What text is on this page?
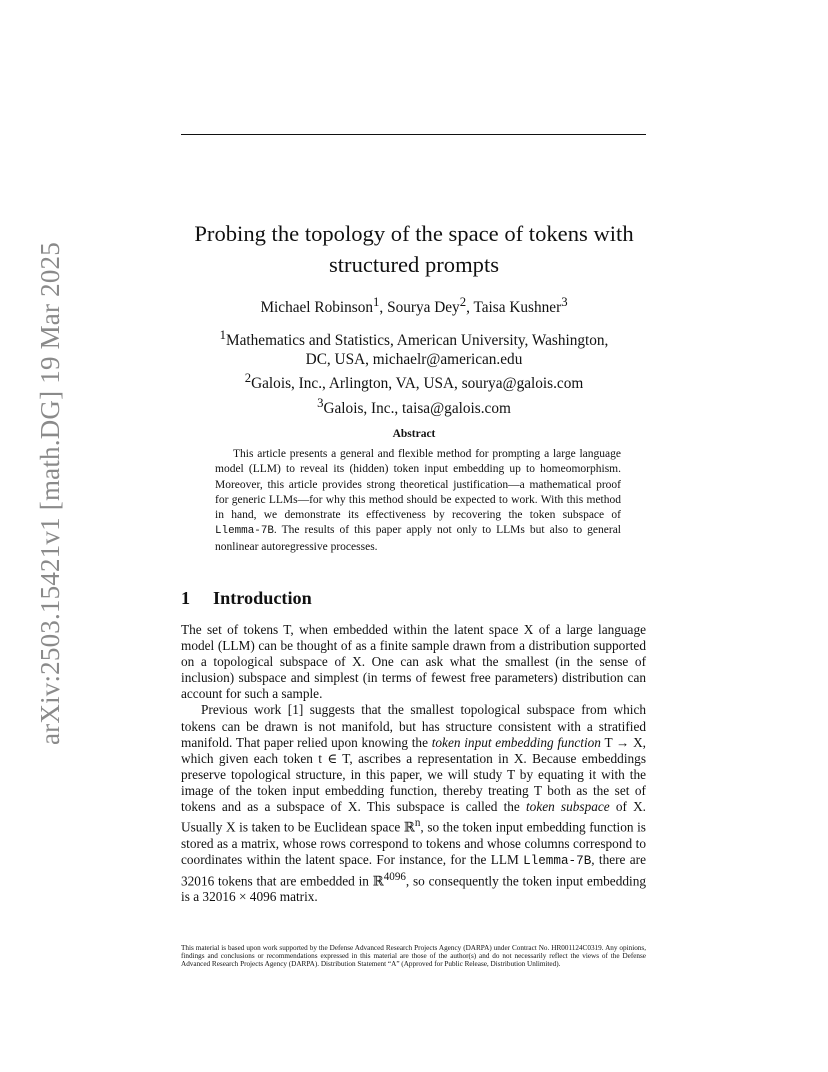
arXiv:2503.15421v1 [math.DG] 19 Mar 2025
Probing the topology of the space of tokens with
structured prompts
Michael Robinson$^1$, Sourya Dey$^2$, Taisa Kushner$^3$
$^1$Mathematics and Statistics, American University, Washington,
DC, USA, michaelr@american.edu
$^2$Galois, Inc., Arlington, VA, USA, sourya@galois.com
$^3$Galois, Inc., taisa@galois.com
Abstract
This article presents a general and flexible method for prompting a large language model (LLM) to reveal its (hidden) token input embedding up to homeomorphism. Moreover, this article provides strong theoretical justification—a mathematical proof for generic LLMs—for why this method should be expected to work. With this method in hand, we demonstrate its effectiveness by recovering the token subspace of Llemma-7B. The results of this paper apply not only to LLMs but also to general nonlinear autoregressive processes.
1 Introduction

The set of tokens T, when embedded within the latent space X of a large language model (LLM) can be thought of as a finite sample drawn from a distribution supported on a topological subspace of X. One can ask what the smallest (in the sense of inclusion) subspace and simplest (in terms of fewest free parameters) distribution can account for such a sample.

Previous work [1] suggests that the smallest topological subspace from which tokens can be drawn is not manifold, but has structure consistent with a stratified manifold. That paper relied upon knowing the token input embedding function T → X, which given each token t ∈ T, ascribes a representation in X. Because embeddings preserve topological structure, in this paper, we will study T by equating it with the image of the token input embedding function, thereby treating T both as the set of tokens and as a subspace of X. This subspace is called the token subspace of X. Usually X is taken to be Euclidean space ℝ$^n$, so the token input embedding function is stored as a matrix, whose rows correspond to tokens and whose columns correspond to coordinates within the latent space. For instance, for the LLM Llemma-7B, there are 32016 tokens that are embedded in ℝ$^{4096}$, so consequently the token input embedding is a 32016 × 4096 matrix.

This material is based upon work supported by the Defense Advanced Research Projects Agency (DARPA) under Contract No. HR001124C0319. Any opinions, findings and conclusions or recommendations expressed in this material are those of the author(s) and do not necessarily reflect the views of the Defense Advanced Research Projects Agency (DARPA). Distribution Statement “A” (Approved for Public Release, Distribution Unlimited).
